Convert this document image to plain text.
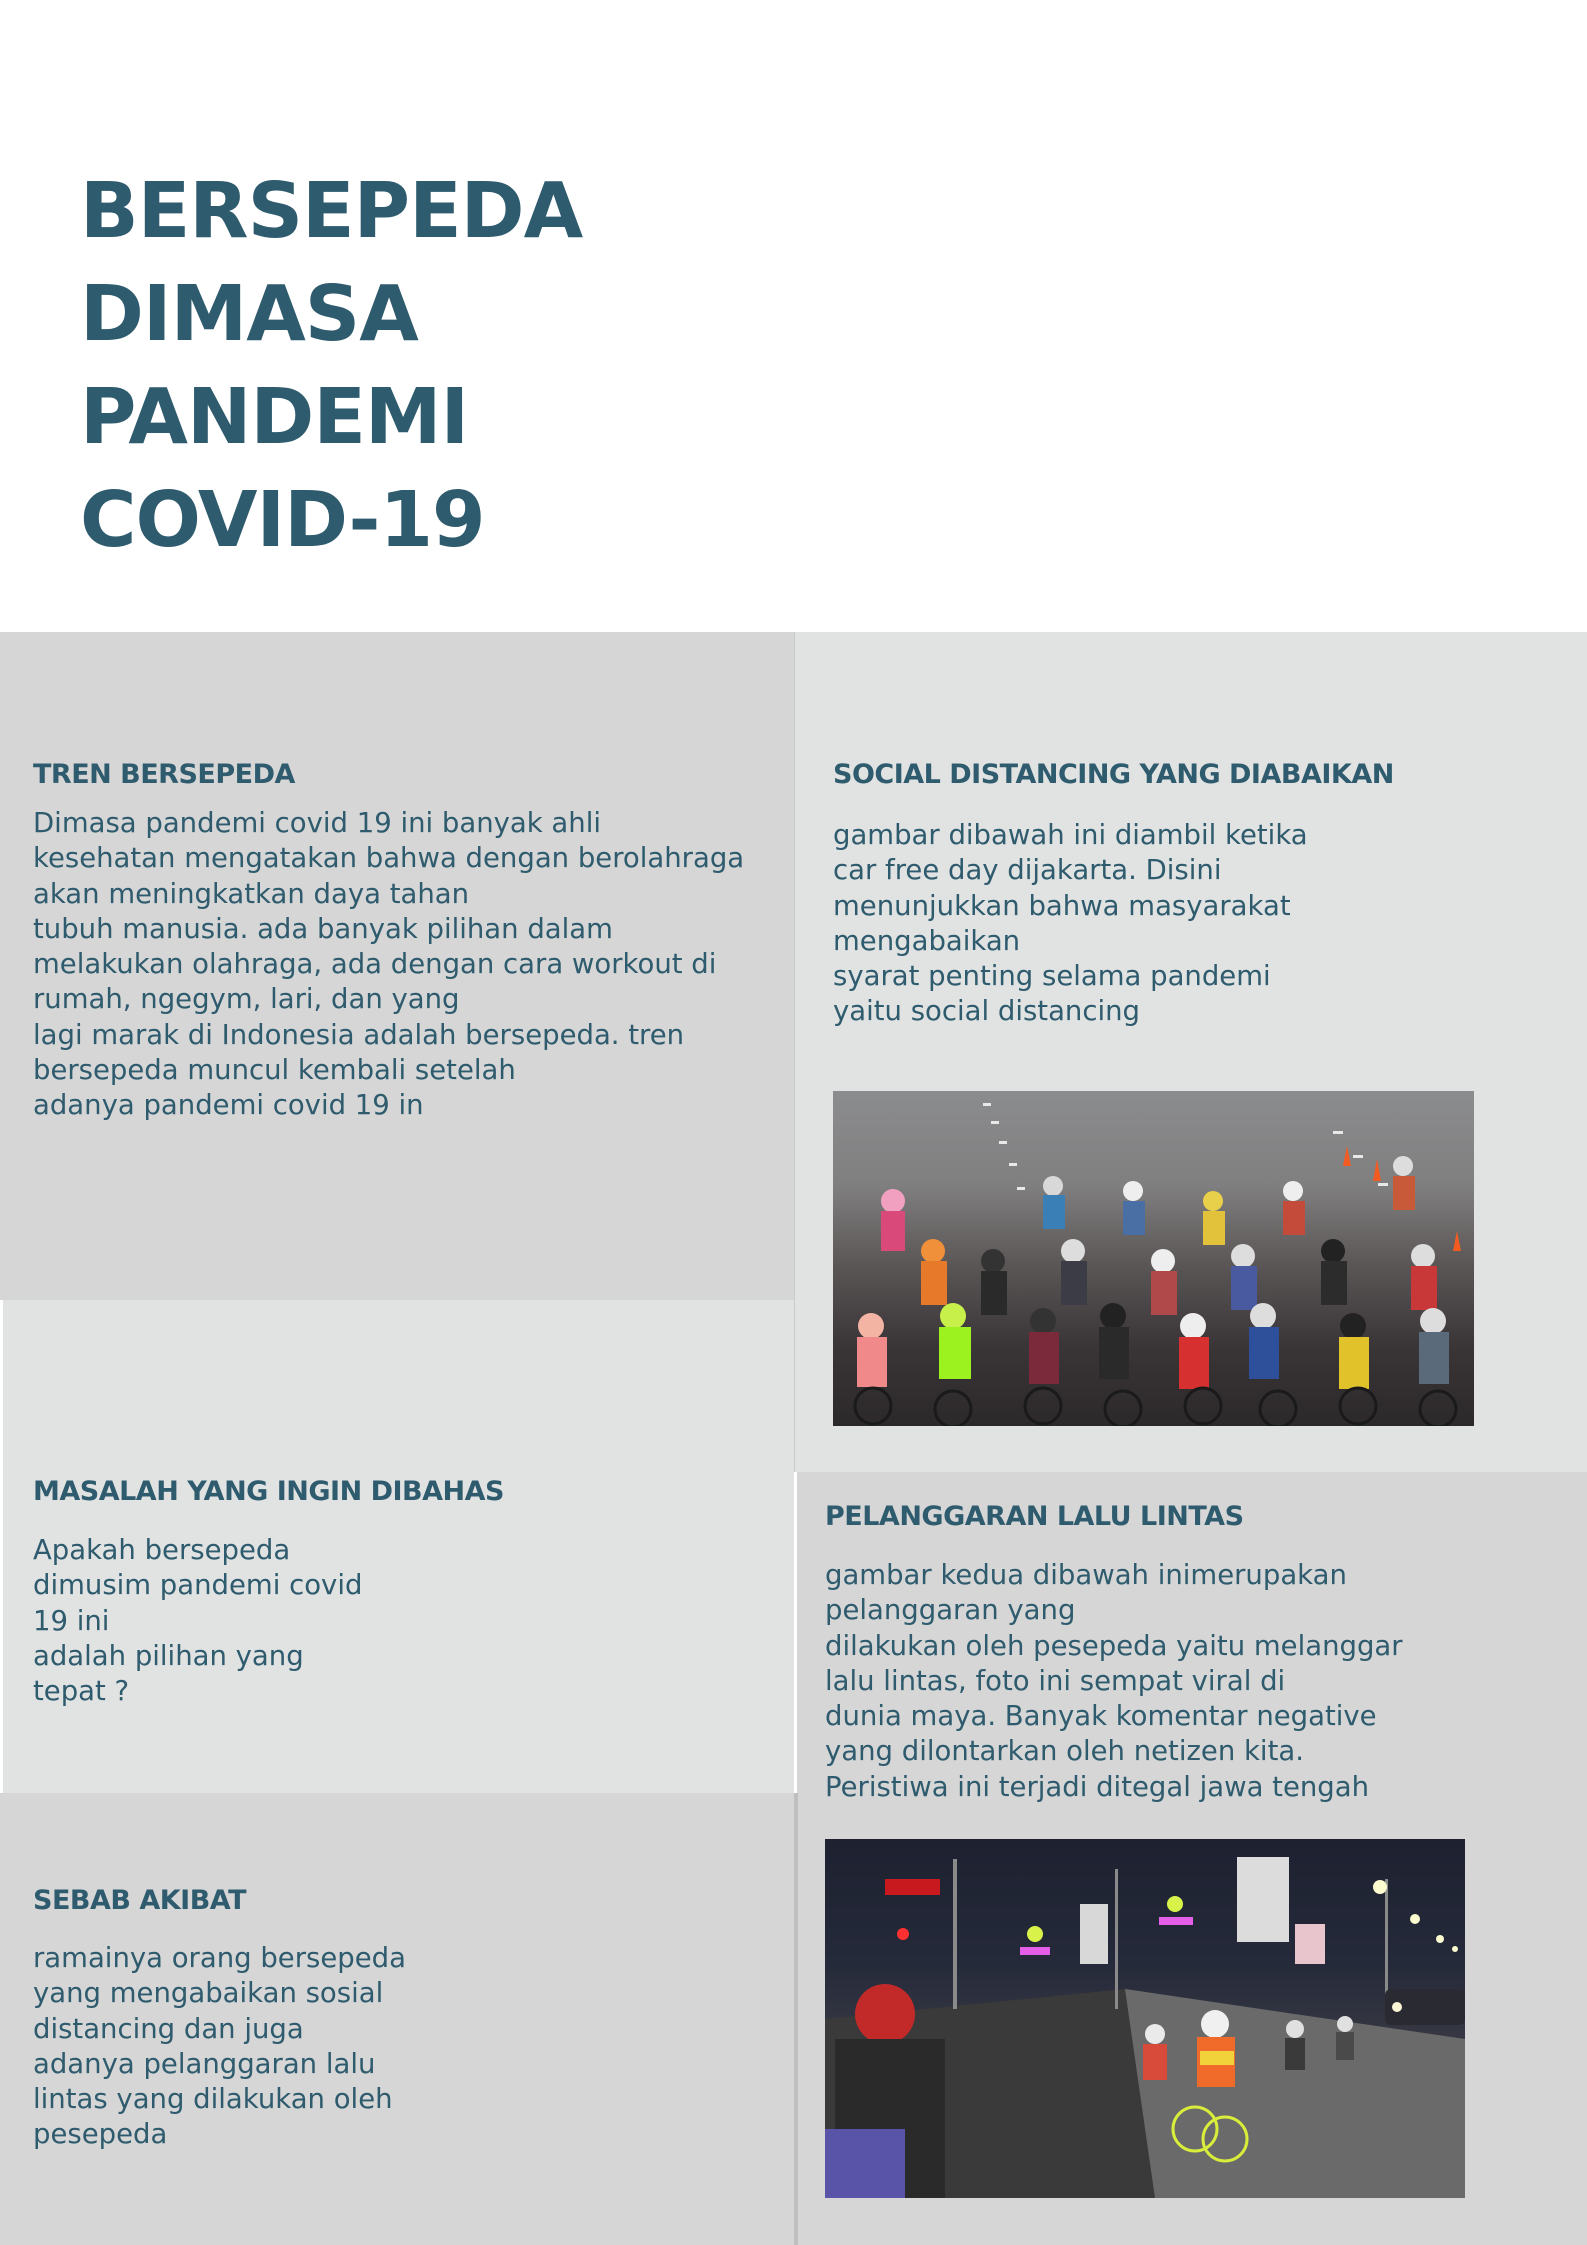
BERSEPEDA
DIMASA
PANDEMI
COVID-19
TREN BERSEPEDA
Dimasa pandemi covid 19 ini banyak ahli
kesehatan mengatakan bahwa dengan berolahraga
akan meningkatkan daya tahan
tubuh manusia. ada banyak pilihan dalam
melakukan olahraga, ada dengan cara workout di
rumah, ngegym, lari, dan yang
lagi marak di Indonesia adalah bersepeda. tren
bersepeda muncul kembali setelah
adanya pandemi covid 19 in
SOCIAL DISTANCING YANG DIABAIKAN
gambar dibawah ini diambil ketika
car free day dijakarta. Disini
menunjukkan bahwa masyarakat
mengabaikan
syarat penting selama pandemi
yaitu social distancing
MASALAH YANG INGIN DIBAHAS
Apakah bersepeda
dimusim pandemi covid
19 ini
adalah pilihan yang
tepat ?
PELANGGARAN LALU LINTAS
gambar kedua dibawah inimerupakan
pelanggaran yang
dilakukan oleh pesepeda yaitu melanggar
lalu lintas, foto ini sempat viral di
dunia maya. Banyak komentar negative
yang dilontarkan oleh netizen kita.
Peristiwa ini terjadi ditegal jawa tengah
SEBAB AKIBAT
ramainya orang bersepeda
yang mengabaikan sosial
distancing dan juga
adanya pelanggaran lalu
lintas yang dilakukan oleh
pesepeda
